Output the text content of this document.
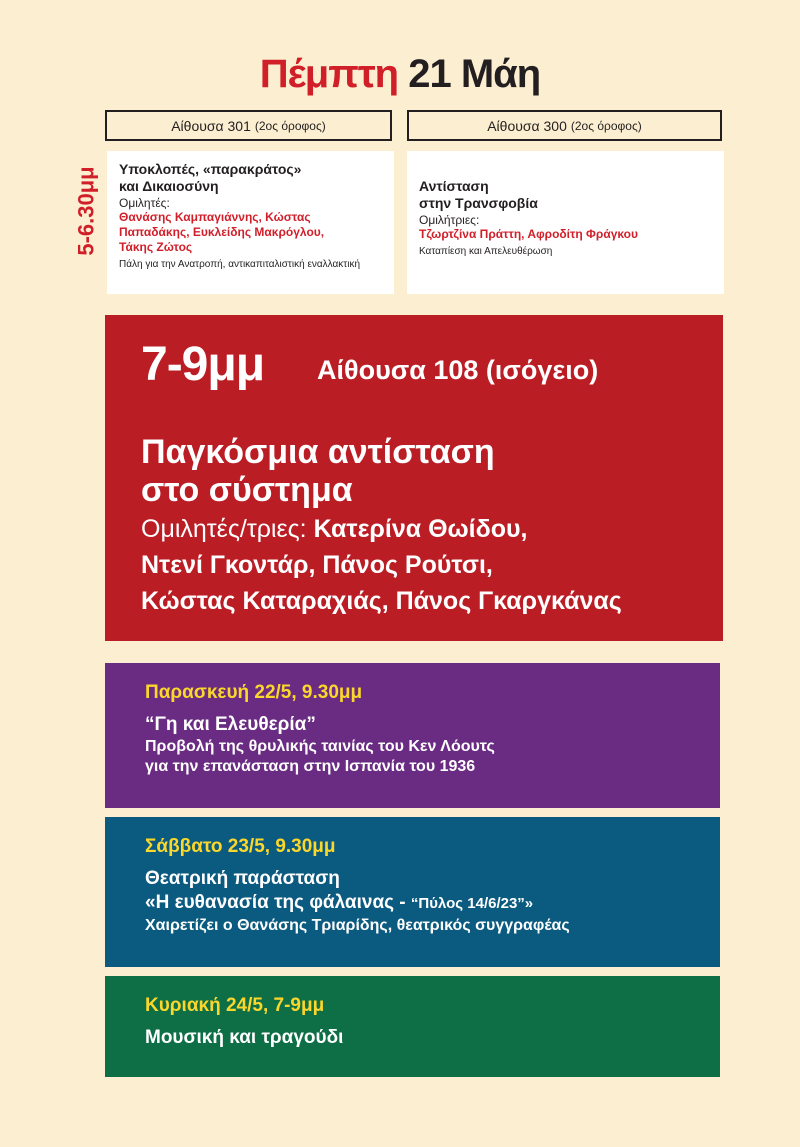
Πέμπτη 21 Μάη
Αίθουσα 301 (2ος όροφος)	Αίθουσα 300 (2ος όροφος)
5-6.30μμ Υποκλοπές, «παρακράτος»
και Δικαιοσύνη
Ομιλητές:
Θανάσης Καμπαγιάννης, Κώστας
Παπαδάκης, Ευκλείδης Μακρόγλου,
Τάκης Ζώτος
Πάλη για την Ανατροπή, αντικαπιταλιστική εναλλακτική
Αντίσταση
στην Τρανσφοβία
Ομιλήτριες:
Τζωρτζίνα Πράττη, Αφροδίτη Φράγκου
Καταπίεση και Απελευθέρωση
7-9μμ Αίθουσα 108 (ισόγειο)
Παγκόσμια αντίσταση
στο σύστημα
Ομιλητές/τριες: Κατερίνα Θωίδου,
Ντενί Γκοντάρ, Πάνος Ρούτσι,
Κώστας Καταραχιάς, Πάνος Γκαργκάνας
Παρασκευή 22/5, 9.30μμ
“Γη και Ελευθερία”
Προβολή της θρυλικής ταινίας του Κεν Λόουτς
για την επανάσταση στην Ισπανία του 1936
Σάββατο 23/5, 9.30μμ
Θεατρική παράσταση
«Η ευθανασία της φάλαινας - “Πύλος 14/6/23”»
Χαιρετίζει ο Θανάσης Τριαρίδης, θεατρικός συγγραφέας
Κυριακή 24/5, 7-9μμ
Μουσική και τραγούδι
